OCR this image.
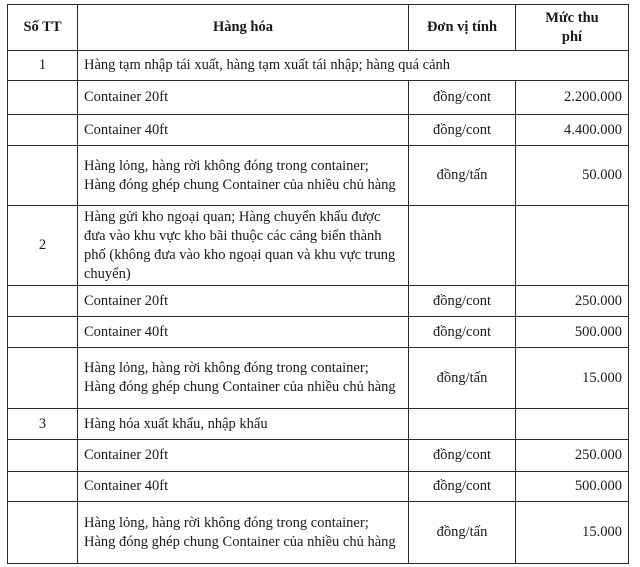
Số TT	Hàng hóa	Đơn vị tính	Mức thu phí
1	Hàng tạm nhập tái xuất, hàng tạm xuất tái nhập; hàng quá cảnh		
	Container 20ft	đồng/cont	2.200.000
	Container 40ft	đồng/cont	4.400.000
	Hàng lỏng, hàng rời không đóng trong container; Hàng đóng ghép chung Container của nhiều chủ hàng	đồng/tấn	50.000
2	Hàng gửi kho ngoại quan; Hàng chuyển khẩu được đưa vào khu vực kho bãi thuộc các cảng biển thành phố (không đưa vào kho ngoại quan và khu vực trung chuyển)		
	Container 20ft	đồng/cont	250.000
	Container 40ft	đồng/cont	500.000
	Hàng lỏng, hàng rời không đóng trong container; Hàng đóng ghép chung Container của nhiều chủ hàng	đồng/tấn	15.000
3	Hàng hóa xuất khẩu, nhập khẩu		
	Container 20ft	đồng/cont	250.000
	Container 40ft	đồng/cont	500.000
	Hàng lỏng, hàng rời không đóng trong container; Hàng đóng ghép chung Container của nhiều chủ hàng	đồng/tấn	15.000
